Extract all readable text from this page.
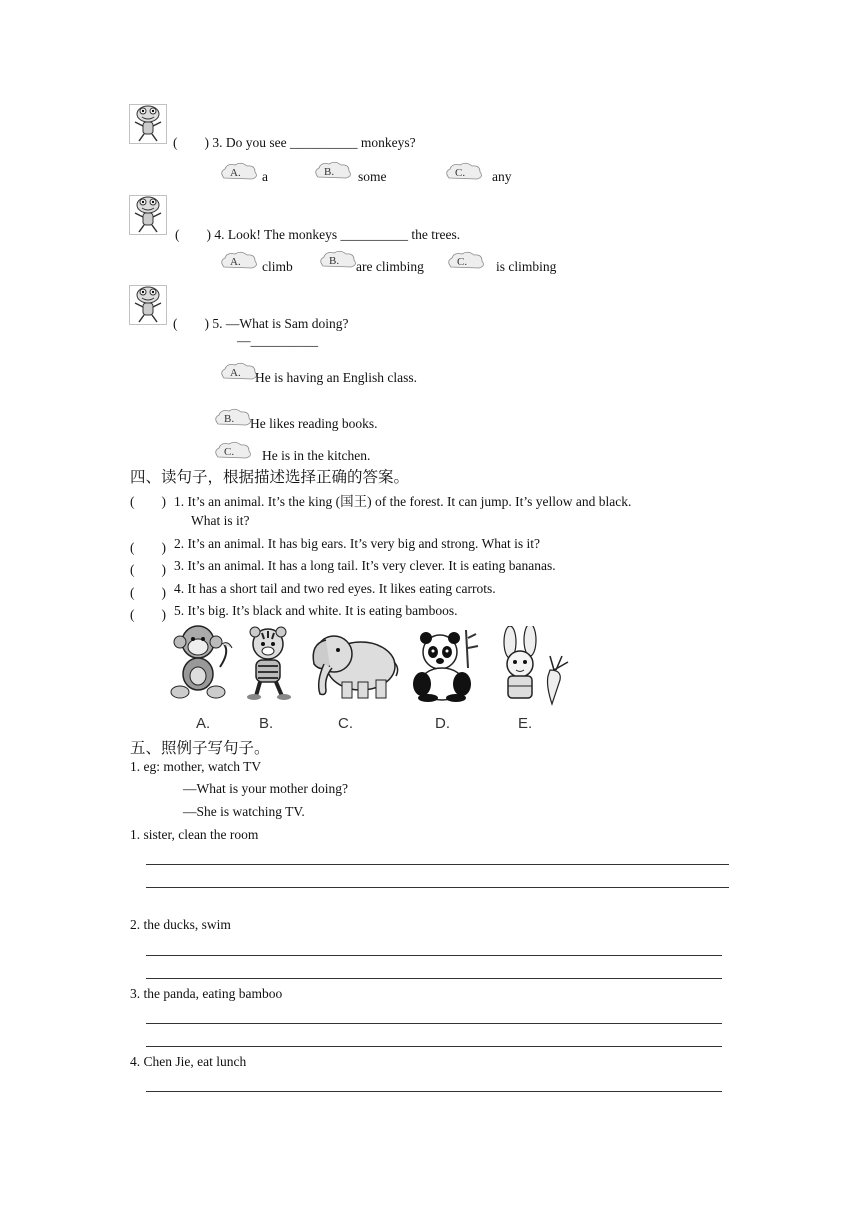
(　　) 3. Do you see __________ monkeys?
A. a	B. some	C. any
(　　) 4. Look! The monkeys __________ the trees.
A. climb	B. are climbing	C. is climbing
(　　) 5. —What is Sam doing?
—__________
A. He is having an English class.
B. He likes reading books.
C. He is in the kitchen.
四、读句子，根据描述选择正确的答案。
(　　) 1. It’s an animal. It’s the king (国王) of the forest. It can jump. It’s yellow and black.
What is it?
(　　) 2. It’s an animal. It has big ears. It’s very big and strong. What is it?
(　　) 3. It’s an animal. It has a long tail. It’s very clever. It is eating bananas.
(　　) 4. It has a short tail and two red eyes. It likes eating carrots.
(　　) 5. It’s big. It’s black and white. It is eating bamboos.
A.	B.	C.	D.	E.
五、照例子写句子。
1. eg: mother, watch TV
—What is your mother doing?
—She is watching TV.
1. sister, clean the room
2. the ducks, swim
3. the panda, eating bamboo
4. Chen Jie, eat lunch
